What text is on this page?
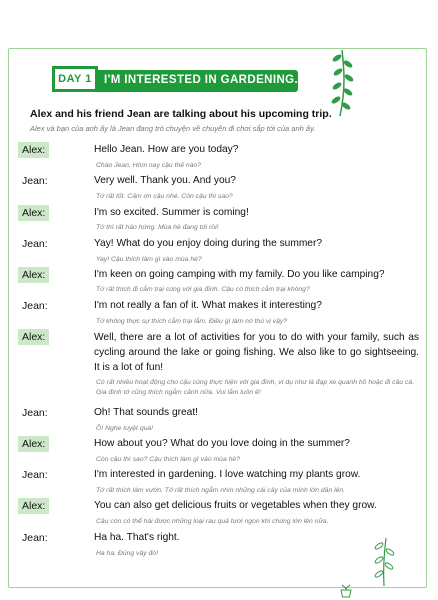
DAY 1	I'M INTERESTED IN GARDENING.
Alex and his friend Jean are talking about his upcoming trip.
Alex và bạn của anh ấy là Jean đang trò chuyện về chuyến đi chơi sắp tới của anh ấy.
Alex:	Hello Jean. How are you today?
Chào Jean. Hôm nay cậu thế nào?
Jean:	Very well. Thank you. And you?
Tớ rất tốt. Cảm ơn cậu nhé. Còn cậu thì sao?
Alex:	I'm so excited. Summer is coming!
Tớ thì rất háo hứng. Mùa hè đang tới rồi!
Jean:	Yay! What do you enjoy doing during the summer?
Yay! Cậu thích làm gì vào mùa hè?
Alex:	I'm keen on going camping with my family. Do you like camping?
Tớ rất thích đi cắm trại cùng với gia đình. Cậu có thích cắm trại không?
Jean:	I'm not really a fan of it. What makes it interesting?
Tớ không thực sự thích cắm trại lắm. Điều gì làm nó thú vị vậy?
Alex:	Well, there are a lot of activities for you to do with your family, such as cycling around the lake or going fishing. We also like to go sightseeing. It is a lot of fun!
Có rất nhiều hoạt động cho cậu cùng thực hiện với gia đình, ví dụ như là đạp xe quanh hồ hoặc đi câu cá. Gia đình tớ cũng thích ngắm cảnh nữa. Vui lắm luôn ế!
Jean:	Oh! That sounds great!
Ồ! Nghe tuyệt quá!
Alex:	How about you? What do you love doing in the summer?
Còn cậu thì sao? Cậu thích làm gì vào mùa hè?
Jean:	I'm interested in gardening. I love watching my plants grow.
Tớ rất thích làm vườn. Tớ rất thích ngắm nhìn những cái cây của mình lớn dần lên.
Alex:	You can also get delicious fruits or vegetables when they grow.
Cậu còn có thể hái được những loại rau quả tươi ngon khi chúng lớn lên nữa.
Jean:	Ha ha. That's right.
Ha ha. Đúng vậy đó!
